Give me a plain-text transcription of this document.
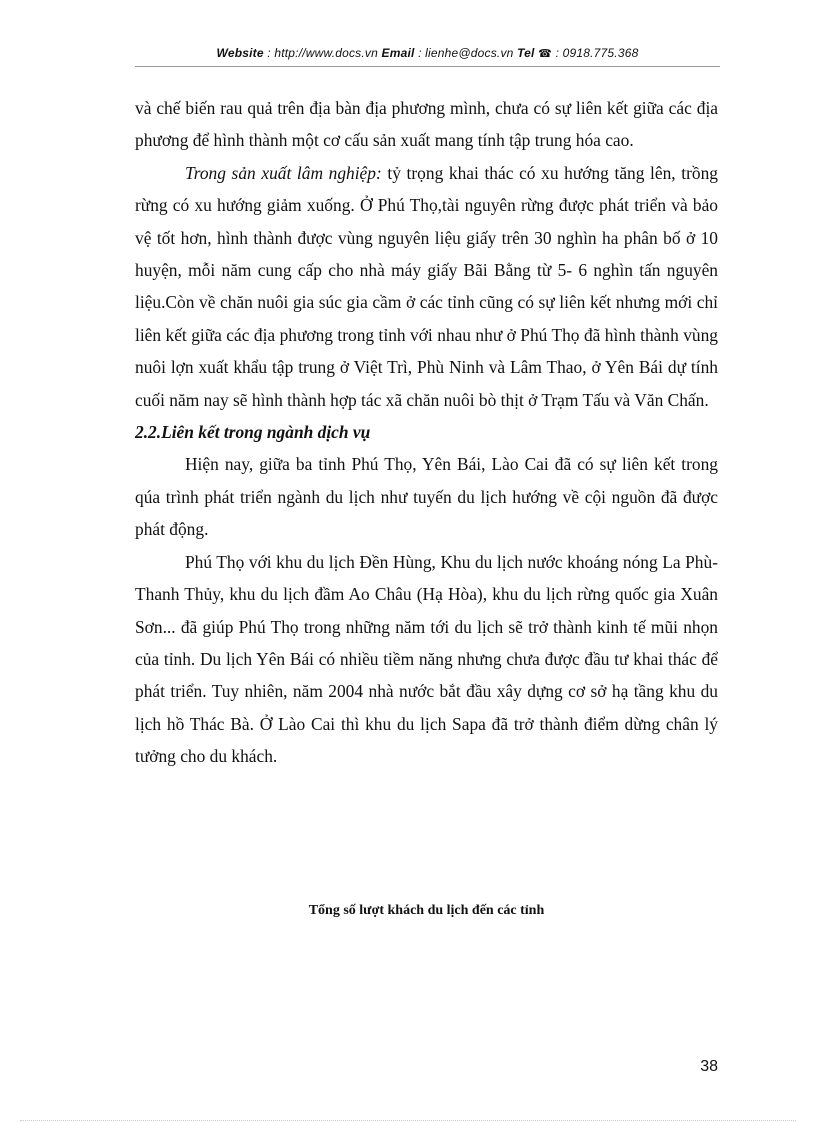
Website : http://www.docs.vn Email : lienhe@docs.vn Tel ☎ : 0918.775.368

và chế biến rau quả trên địa bàn địa phương mình, chưa có sự liên kết giữa các địa phương để hình thành một cơ cấu sản xuất mang tính tập trung hóa cao.

Trong sản xuất lâm nghiệp: tỷ trọng khai thác có xu hướng tăng lên, trồng rừng có xu hướng giảm xuống. Ở Phú Thọ,tài nguyên rừng được phát triển và bảo vệ tốt hơn, hình thành được vùng nguyên liệu giấy trên 30 nghìn ha phân bố ở 10 huyện, mỗi năm cung cấp cho nhà máy giấy Bãi Bằng từ 5- 6 nghìn tấn nguyên liệu.Còn về chăn nuôi gia súc gia cầm ở các tỉnh cũng có sự liên kết nhưng mới chỉ liên kết giữa các địa phương trong tỉnh với nhau như ở Phú Thọ đã hình thành vùng nuôi lợn xuất khẩu tập trung ở Việt Trì, Phù Ninh và Lâm Thao, ở Yên Bái dự tính cuối năm nay sẽ hình thành hợp tác xã chăn nuôi bò thịt ở Trạm Tấu và Văn Chấn.

2.2.Liên kết trong ngành dịch vụ

Hiện nay, giữa ba tỉnh Phú Thọ, Yên Bái, Lào Cai đã có sự liên kết trong qúa trình phát triển ngành du lịch như tuyến du lịch hướng về cội nguồn đã được phát động.

Phú Thọ với khu du lịch Đền Hùng, Khu du lịch nước khoáng nóng La Phù- Thanh Thủy, khu du lịch đầm Ao Châu (Hạ Hòa), khu du lịch rừng quốc gia Xuân Sơn... đã giúp Phú Thọ trong những năm tới du lịch sẽ trở thành kinh tế mũi nhọn của tỉnh. Du lịch Yên Bái có nhiều tiềm năng nhưng chưa được đầu tư khai thác để phát triển. Tuy nhiên, năm 2004 nhà nước bắt đầu xây dựng cơ sở hạ tầng khu du lịch hồ Thác Bà. Ở Lào Cai thì khu du lịch Sapa đã trở thành điểm dừng chân lý tưởng cho du khách.

Tổng số lượt khách du lịch đến các tỉnh
38
